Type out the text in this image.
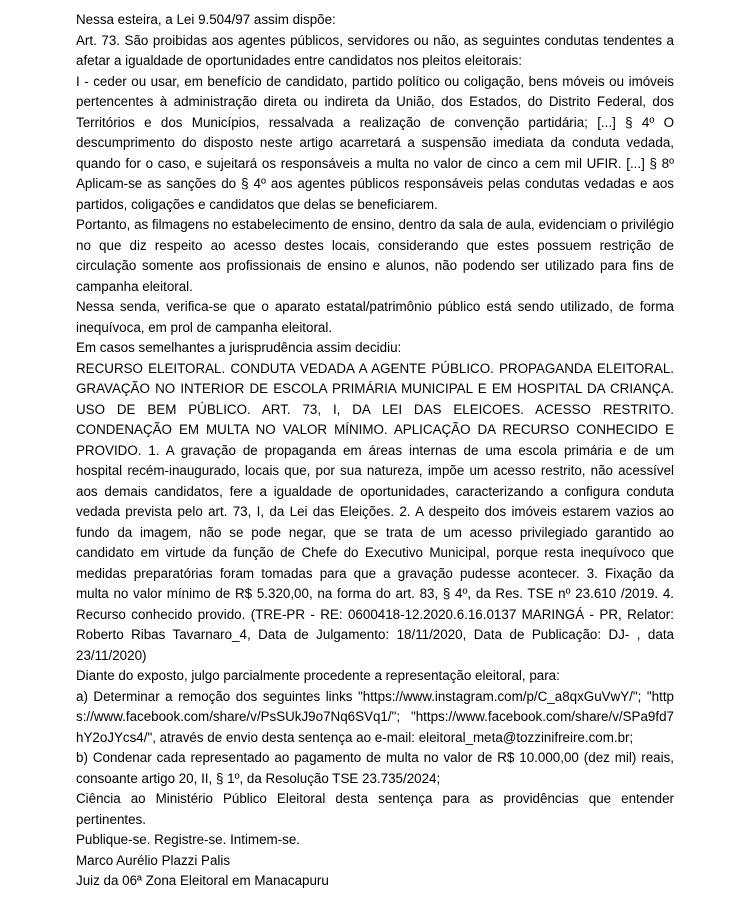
Nessa esteira, a Lei 9.504/97 assim dispõe:

Art. 73. São proibidas aos agentes públicos, servidores ou não, as seguintes condutas tendentes a afetar a igualdade de oportunidades entre candidatos nos pleitos eleitorais:

I - ceder ou usar, em benefício de candidato, partido político ou coligação, bens móveis ou imóveis pertencentes à administração direta ou indireta da União, dos Estados, do Distrito Federal, dos Territórios e dos Municípios, ressalvada a realização de convenção partidária; [...] § 4º O descumprimento do disposto neste artigo acarretará a suspensão imediata da conduta vedada, quando for o caso, e sujeitará os responsáveis a multa no valor de cinco a cem mil UFIR. [...] § 8º Aplicam-se as sanções do § 4º aos agentes públicos responsáveis pelas condutas vedadas e aos partidos, coligações e candidatos que delas se beneficiarem.

Portanto, as filmagens no estabelecimento de ensino, dentro da sala de aula, evidenciam o privilégio no que diz respeito ao acesso destes locais, considerando que estes possuem restrição de circulação somente aos profissionais de ensino e alunos, não podendo ser utilizado para fins de campanha eleitoral.

Nessa senda, verifica-se que o aparato estatal/patrimônio público está sendo utilizado, de forma inequívoca, em prol de campanha eleitoral.

Em casos semelhantes a jurisprudência assim decidiu:

RECURSO ELEITORAL. CONDUTA VEDADA A AGENTE PÚBLICO. PROPAGANDA ELEITORAL. GRAVAÇÃO NO INTERIOR DE ESCOLA PRIMÁRIA MUNICIPAL E EM HOSPITAL DA CRIANÇA. USO DE BEM PÚBLICO. ART. 73, I, DA LEI DAS ELEICOES. ACESSO RESTRITO. CONDENAÇÃO EM MULTA NO VALOR MÍNIMO. APLICAÇÃO DA RECURSO CONHECIDO E PROVIDO. 1. A gravação de propaganda em áreas internas de uma escola primária e de um hospital recém-inaugurado, locais que, por sua natureza, impõe um acesso restrito, não acessível aos demais candidatos, fere a igualdade de oportunidades, caracterizando a configura conduta vedada prevista pelo art. 73, I, da Lei das Eleições. 2. A despeito dos imóveis estarem vazios ao fundo da imagem, não se pode negar, que se trata de um acesso privilegiado garantido ao candidato em virtude da função de Chefe do Executivo Municipal, porque resta inequívoco que medidas preparatórias foram tomadas para que a gravação pudesse acontecer. 3. Fixação da multa no valor mínimo de R$ 5.320,00, na forma do art. 83, § 4º, da Res. TSE nº 23.610 /2019. 4. Recurso conhecido provido. (TRE-PR - RE: 0600418-12.2020.6.16.0137 MARINGÁ - PR, Relator: Roberto Ribas Tavarnaro_4, Data de Julgamento: 18/11/2020, Data de Publicação: DJ- , data 23/11/2020)

Diante do exposto, julgo parcialmente procedente a representação eleitoral, para:

a) Determinar a remoção dos seguintes links "https://www.instagram.com/p/C_a8qxGuVwY/"; "https://www.facebook.com/share/v/PsSUkJ9o7Nq6SVq1/"; "https://www.facebook.com/share/v/SPa9fd7hY2oJYcs4/", através de envio desta sentença ao e-mail: eleitoral_meta@tozzinifreire.com.br;

b) Condenar cada representado ao pagamento de multa no valor de R$ 10.000,00 (dez mil) reais, consoante artigo 20, II, § 1º, da Resolução TSE 23.735/2024;

Ciência ao Ministério Público Eleitoral desta sentença para as providências que entender pertinentes.

Publique-se. Registre-se. Intimem-se.

Marco Aurélio Plazzi Palis

Juiz da 06ª Zona Eleitoral em Manacapuru
